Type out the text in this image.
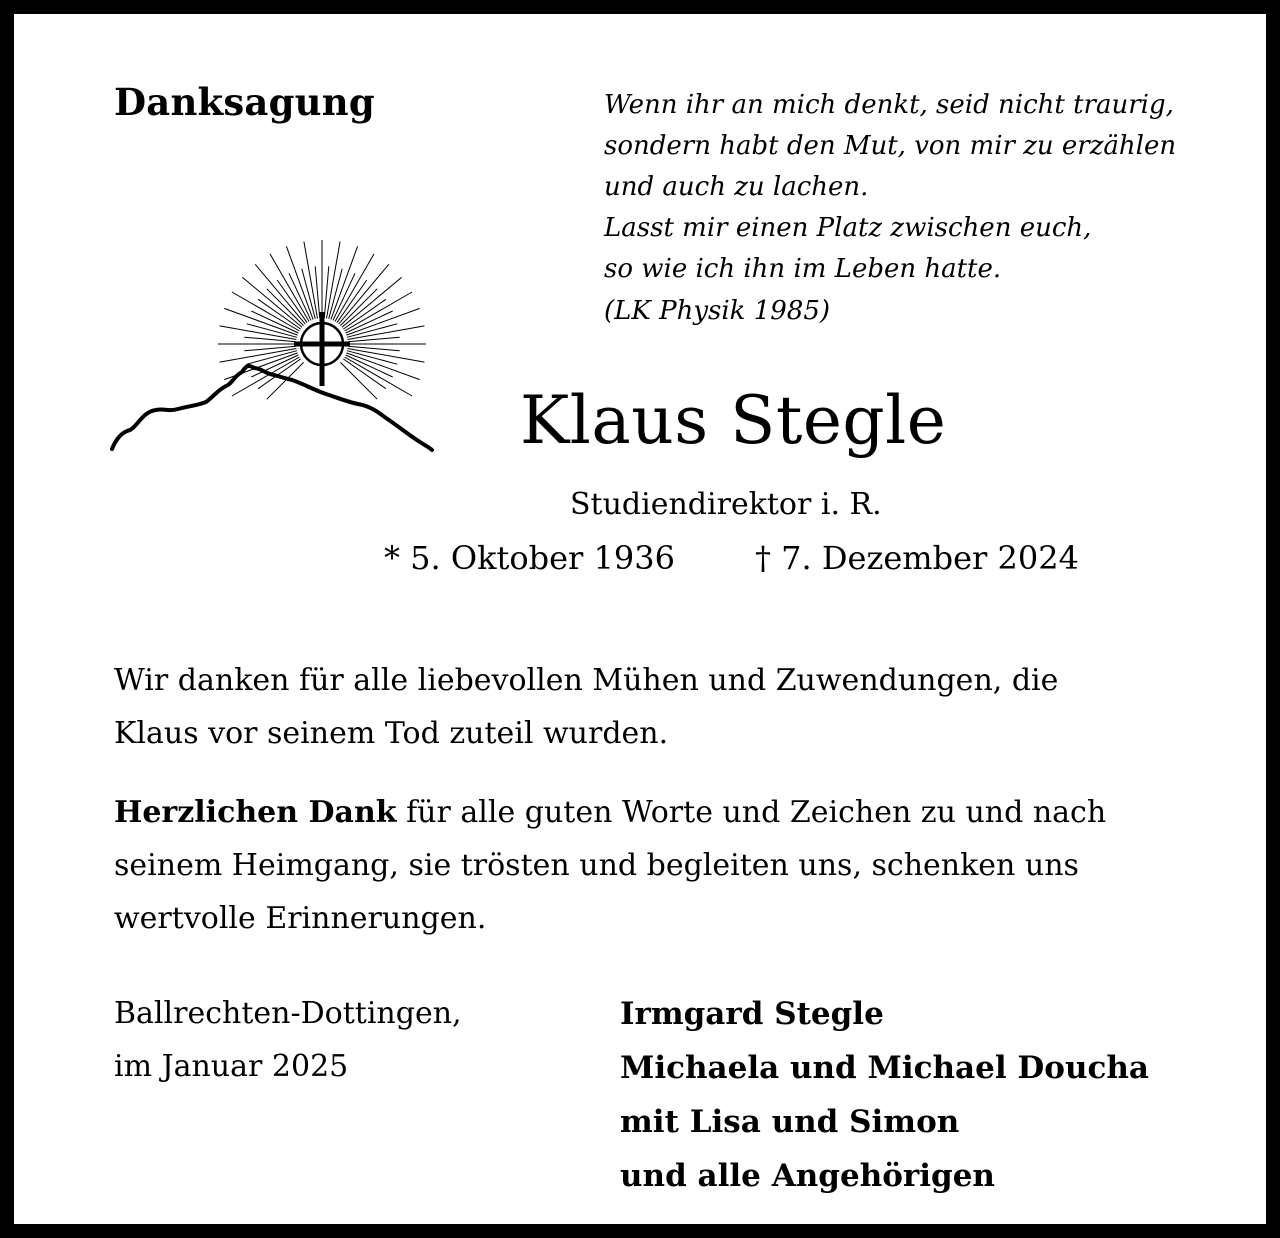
Danksagung	Wenn ihr an mich denkt, seid nicht traurig,
sondern habt den Mut, von mir zu erzählen
und auch zu lachen.
Lasst mir einen Platz zwischen euch,
so wie ich ihn im Leben hatte.
(LK Physik 1985)
Klaus Stegle
Studiendirektor i. R.
* 5. Oktober 1936	† 7. Dezember 2024
Wir danken für alle liebevollen Mühen und Zuwendungen, die
Klaus vor seinem Tod zuteil wurden.
Herzlichen Dank für alle guten Worte und Zeichen zu und nach
seinem Heimgang, sie trösten und begleiten uns, schenken uns
wertvolle Erinnerungen.
Ballrechten-Dottingen,
im Januar 2025
Irmgard Stegle
Michaela und Michael Doucha
mit Lisa und Simon
und alle Angehörigen
